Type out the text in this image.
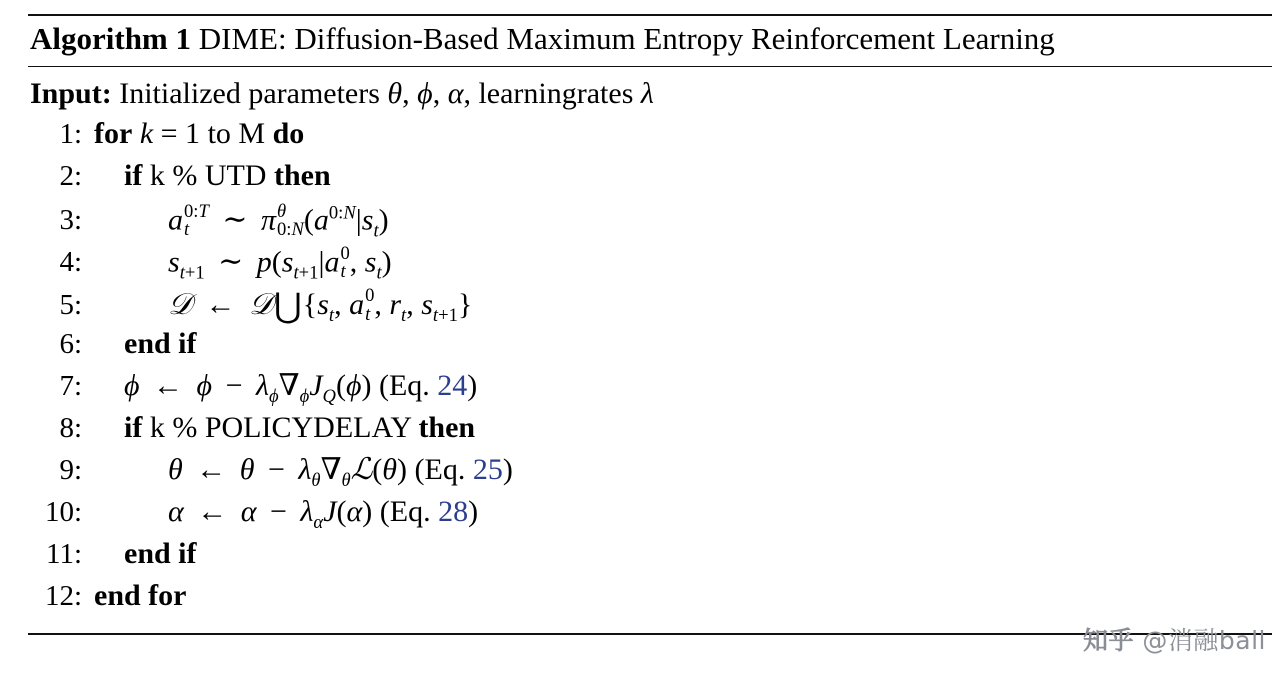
Algorithm 1 DIME: Diffusion-Based Maximum Entropy Reinforcement Learning
Input: Initialized parameters θ, ϕ, α, learningrates λ
1: for k = 1 to M do
2:	if k % UTD then
3:	a 0:T
t	∼ π θ
0:N $(a^{0:N}|s_t)$
4:	$s_{t+1}$ ∼ $p(s_{t+1}|a$ 0
t , $s_t$)
5:	𝒟 ← $𝒟⋃\{s_t$, a 0
t , $r_t$, $s_{t+1}$}
6:	end if
7:	ϕ ← $\phi - \lambda_\phi\nabla_\phi J_Q(\phi)$ (Eq. 24)
8:	if k % POLICYDELAY then
9:	θ ← $\theta - \lambda_\theta\nabla_\theta ℒ(\theta)$ (Eq. 25)
10:	α ← $\alpha - \lambda_\alpha J(\alpha)$ (Eq. 28)
11:	end if
12: end for
知乎 @消融ball
